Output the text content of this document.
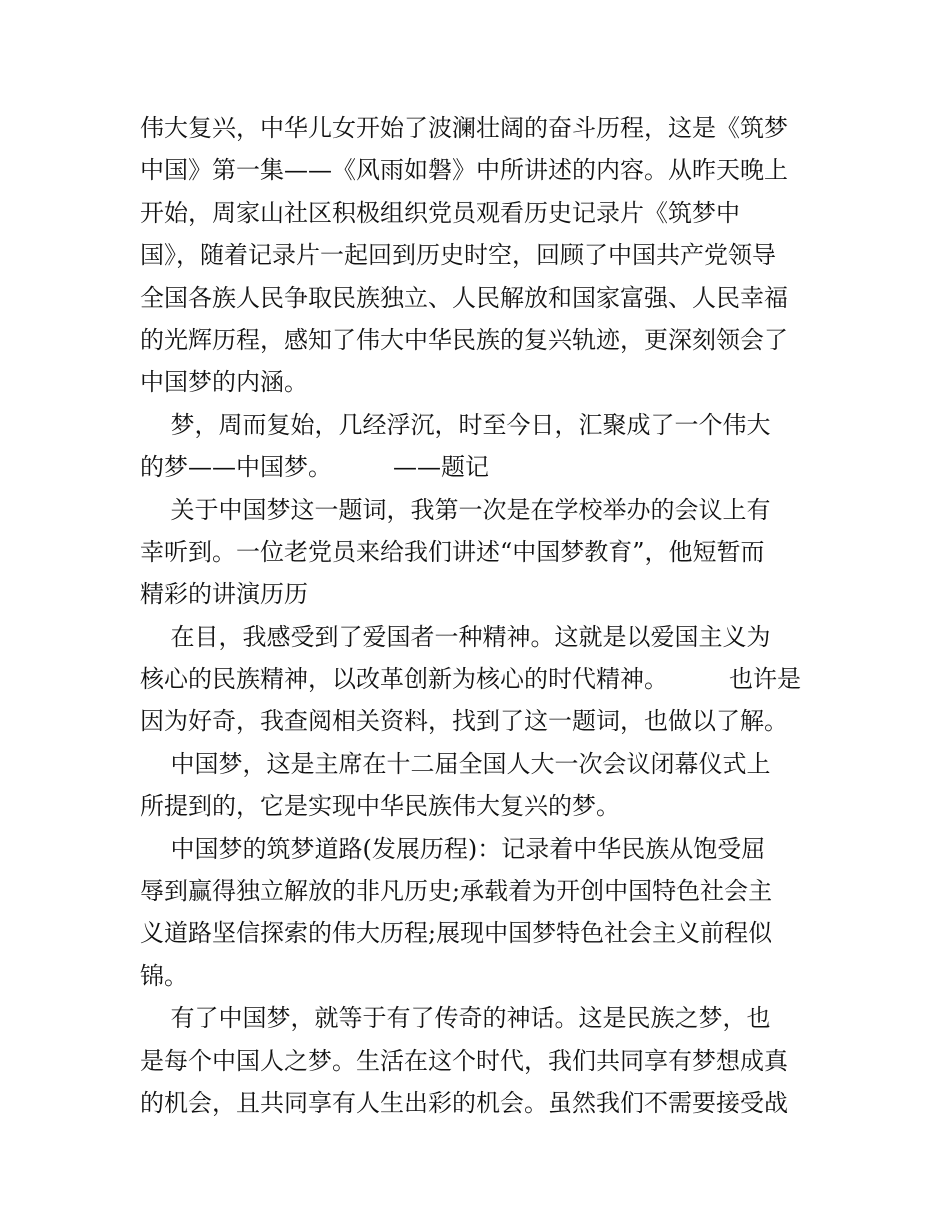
伟大复兴，中华儿女开始了波澜壮阔的奋斗历程，这是《筑梦
中国》第一集——《风雨如磐》中所讲述的内容。从昨天晚上
开始，周家山社区积极组织党员观看历史记录片《筑梦中
国》，随着记录片一起回到历史时空，回顾了中国共产党领导
全国各族人民争取民族独立、人民解放和国家富强、人民幸福
的光辉历程，感知了伟大中华民族的复兴轨迹，更深刻领会了
中国梦的内涵。
梦，周而复始，几经浮沉，时至今日，汇聚成了一个伟大
的梦——中国梦。        ——题记
关于中国梦这一题词，我第一次是在学校举办的会议上有
幸听到。一位老党员来给我们讲述“中国梦教育”，他短暂而
精彩的讲演历历
在目，我感受到了爱国者一种精神。这就是以爱国主义为
核心的民族精神，以改革创新为核心的时代精神。        也许是
因为好奇，我查阅相关资料，找到了这一题词，也做以了解。
中国梦，这是主席在十二届全国人大一次会议闭幕仪式上
所提到的，它是实现中华民族伟大复兴的梦。
中国梦的筑梦道路(发展历程)：记录着中华民族从饱受屈
辱到赢得独立解放的非凡历史;承载着为开创中国特色社会主
义道路坚信探索的伟大历程;展现中国梦特色社会主义前程似
锦。
有了中国梦，就等于有了传奇的神话。这是民族之梦，也
是每个中国人之梦。生活在这个时代，我们共同享有梦想成真
的机会，且共同享有人生出彩的机会。虽然我们不需要接受战
